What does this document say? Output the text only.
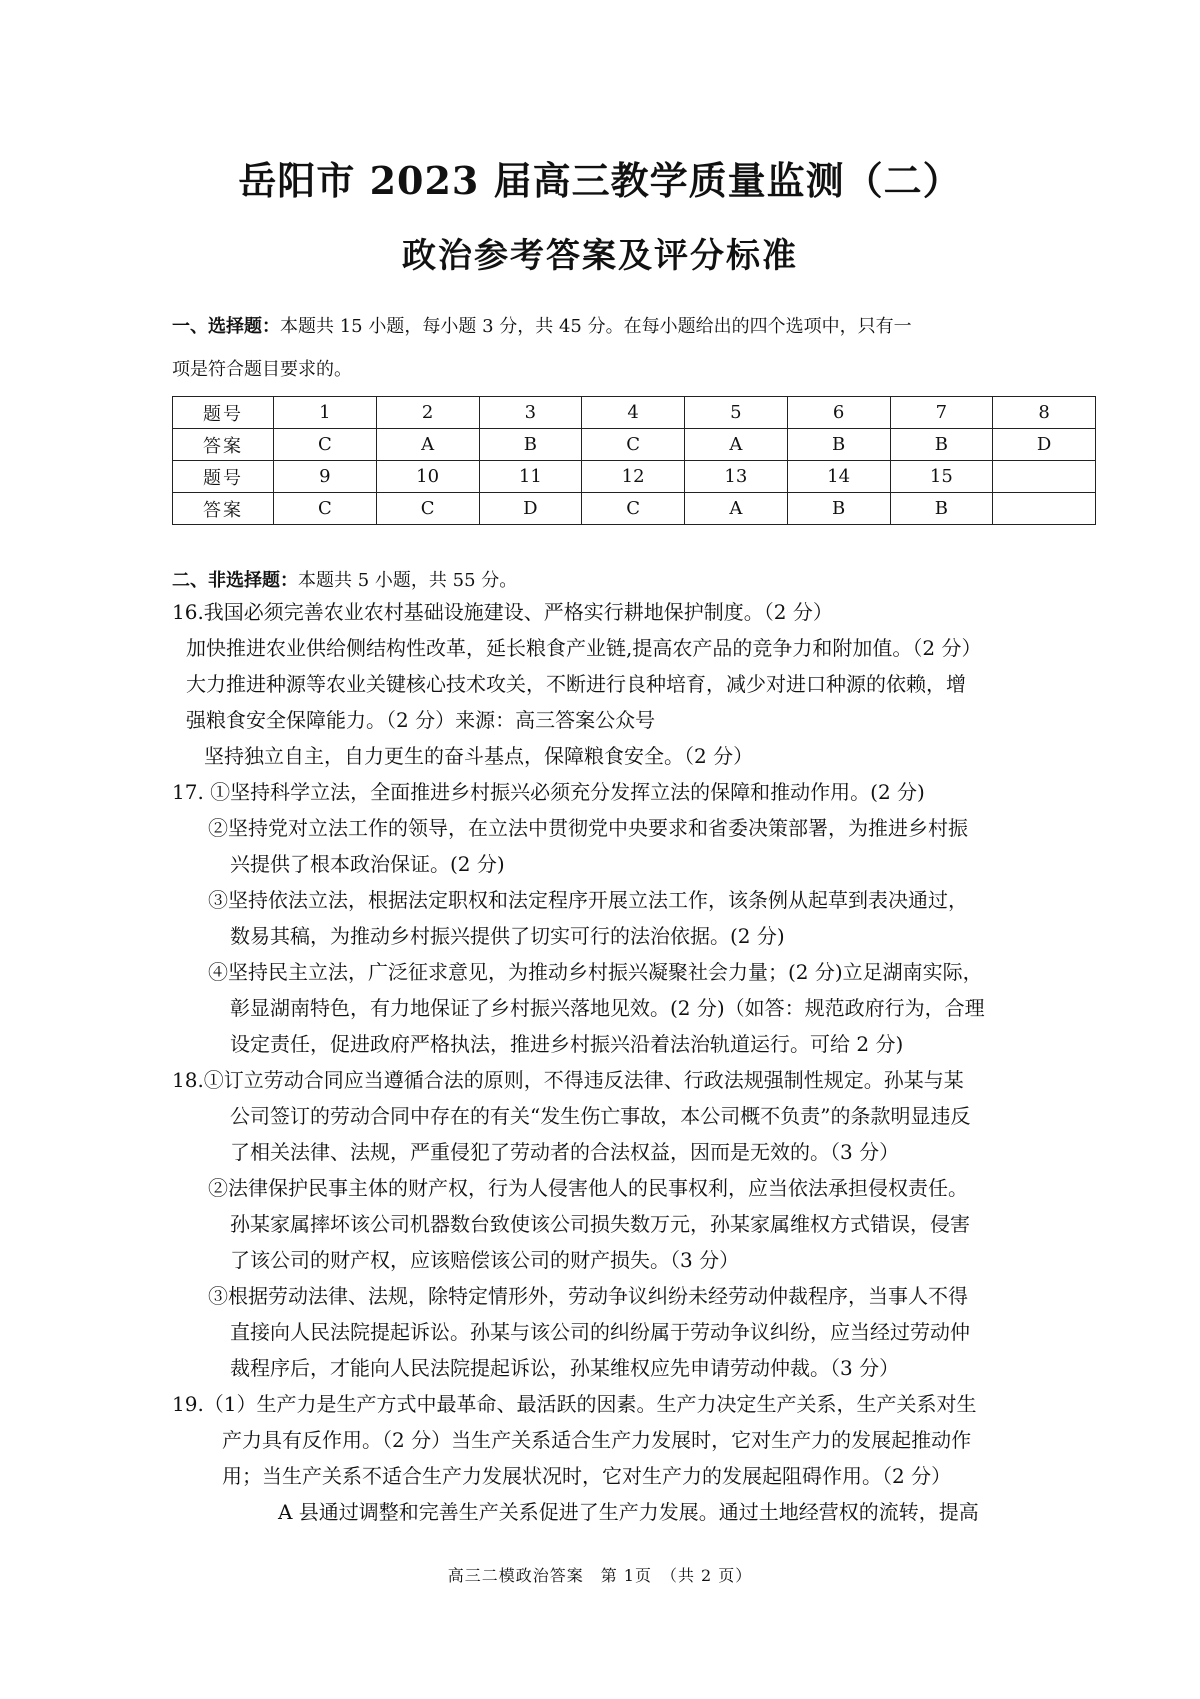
岳阳市 2023 届高三教学质量监测（二）
政治参考答案及评分标准
一、选择题：本题共 15 小题，每小题 3 分，共 45 分。在每小题给出的四个选项中，只有一
项是符合题目要求的。
题号	1	2	3	4	5	6	7	8
答案	C	A	B	C	A	B	B	D
题号	9	10	11	12	13	14	15	
答案	C	C	D	C	A	B	B	
二、非选择题：本题共 5 小题，共 55 分。
16.我国必须完善农业农村基础设施建设、严格实行耕地保护制度。（2 分）
加快推进农业供给侧结构性改革，延长粮食产业链,提高农产品的竞争力和附加值。（2 分）
大力推进种源等农业关键核心技术攻关，不断进行良种培育，减少对进口种源的依赖，增
强粮食安全保障能力。（2 分）来源：高三答案公众号
坚持独立自主，自力更生的奋斗基点，保障粮食安全。（2 分）
17. ①坚持科学立法，全面推进乡村振兴必须充分发挥立法的保障和推动作用。(2 分)
②坚持党对立法工作的领导，在立法中贯彻党中央要求和省委决策部署，为推进乡村振
兴提供了根本政治保证。(2 分)
③坚持依法立法，根据法定职权和法定程序开展立法工作，该条例从起草到表决通过，
数易其稿，为推动乡村振兴提供了切实可行的法治依据。(2 分)
④坚持民主立法，广泛征求意见，为推动乡村振兴凝聚社会力量；(2 分)立足湖南实际，
彰显湖南特色，有力地保证了乡村振兴落地见效。(2 分)（如答：规范政府行为，合理
设定责任，促进政府严格执法，推进乡村振兴沿着法治轨道运行。可给 2 分)
18.①订立劳动合同应当遵循合法的原则，不得违反法律、行政法规强制性规定。孙某与某
公司签订的劳动合同中存在的有关“发生伤亡事故，本公司概不负责”的条款明显违反
了相关法律、法规，严重侵犯了劳动者的合法权益，因而是无效的。（3 分）
②法律保护民事主体的财产权，行为人侵害他人的民事权利，应当依法承担侵权责任。
孙某家属摔坏该公司机器数台致使该公司损失数万元，孙某家属维权方式错误，侵害
了该公司的财产权，应该赔偿该公司的财产损失。（3 分）
③根据劳动法律、法规，除特定情形外，劳动争议纠纷未经劳动仲裁程序，当事人不得
直接向人民法院提起诉讼。孙某与该公司的纠纷属于劳动争议纠纷，应当经过劳动仲
裁程序后，才能向人民法院提起诉讼，孙某维权应先申请劳动仲裁。（3 分）
19.（1）生产力是生产方式中最革命、最活跃的因素。生产力决定生产关系，生产关系对生
产力具有反作用。（2 分）当生产关系适合生产力发展时，它对生产力的发展起推动作
用；当生产关系不适合生产力发展状况时，它对生产力的发展起阻碍作用。（2 分）
A 县通过调整和完善生产关系促进了生产力发展。通过土地经营权的流转，提高
高三二模政治答案　第 1页　（共 2 页）
